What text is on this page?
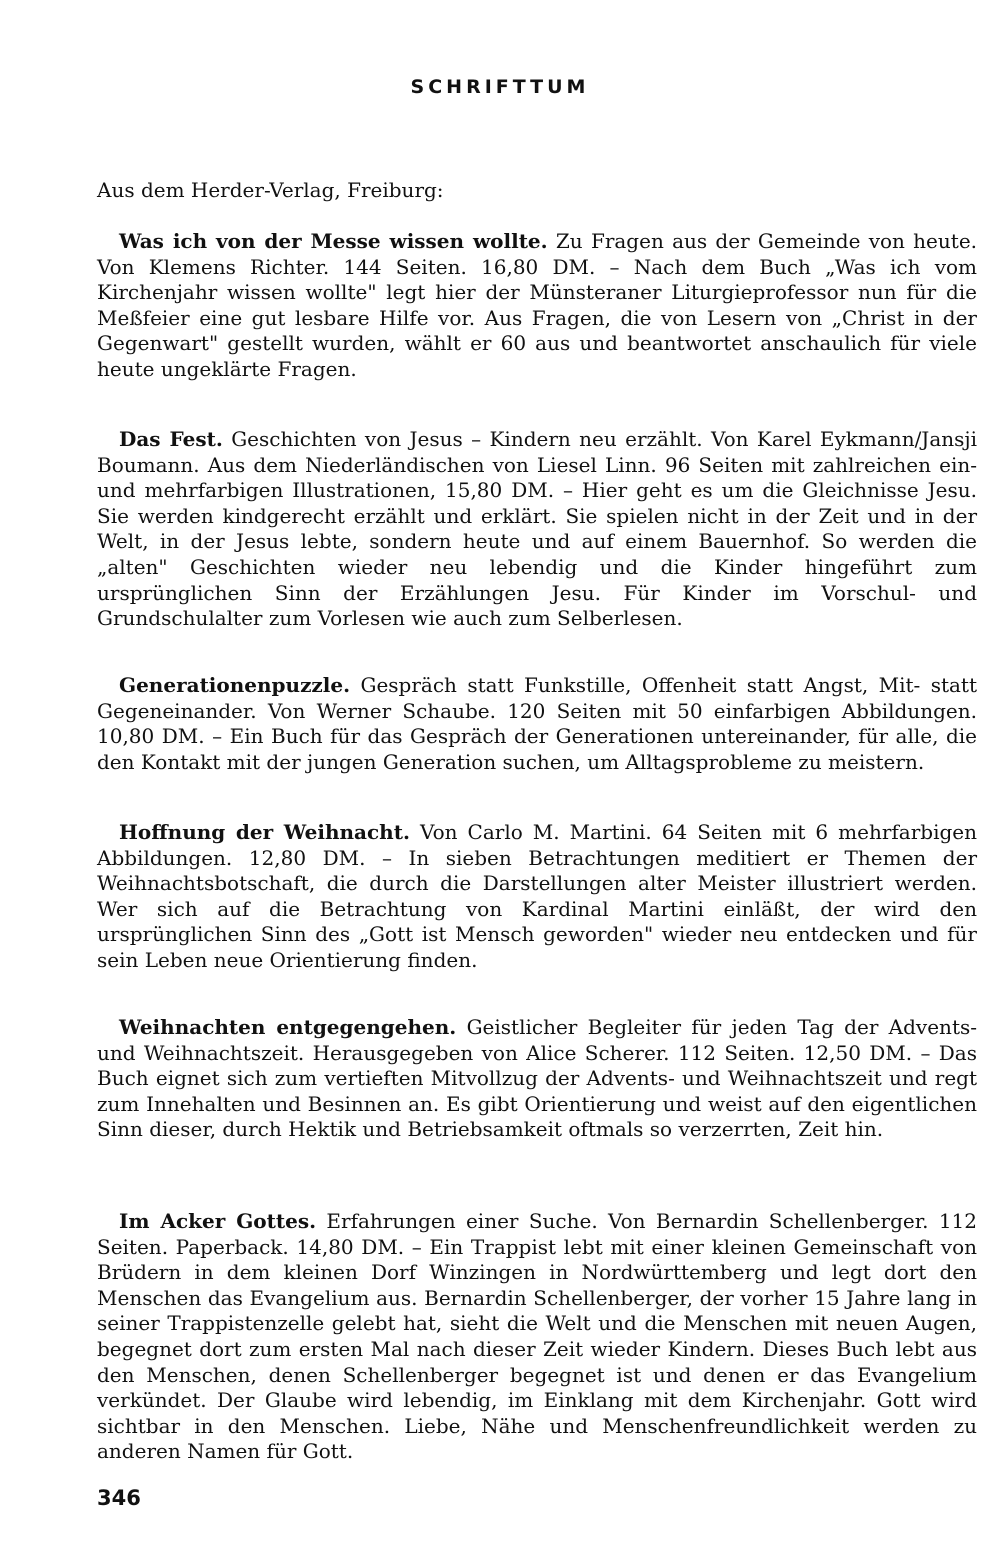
SCHRIFTTUM
Aus dem Herder-Verlag, Freiburg:

Was ich von der Messe wissen wollte. Zu Fragen aus der Gemeinde von heute. Von Klemens Richter. 144 Seiten. 16,80 DM. – Nach dem Buch „Was ich vom Kirchenjahr wissen wollte" legt hier der Münsteraner Liturgieprofessor nun für die Meßfeier eine gut lesbare Hilfe vor. Aus Fragen, die von Lesern von „Christ in der Gegenwart" gestellt wurden, wählt er 60 aus und beantwortet anschaulich für viele heute ungeklärte Fragen.

Das Fest. Geschichten von Jesus – Kindern neu erzählt. Von Karel Eykmann/Jansji Boumann. Aus dem Niederländischen von Liesel Linn. 96 Seiten mit zahlreichen ein- und mehrfarbigen Illustrationen, 15,80 DM. – Hier geht es um die Gleichnisse Jesu. Sie werden kindgerecht erzählt und erklärt. Sie spielen nicht in der Zeit und in der Welt, in der Jesus lebte, sondern heute und auf einem Bauernhof. So werden die „alten" Geschichten wieder neu lebendig und die Kinder hingeführt zum ursprünglichen Sinn der Erzählungen Jesu. Für Kinder im Vorschul- und Grundschulalter zum Vorlesen wie auch zum Selberlesen.

Generationenpuzzle. Gespräch statt Funkstille, Offenheit statt Angst, Mit- statt Gegeneinander. Von Werner Schaube. 120 Seiten mit 50 einfarbigen Abbildungen. 10,80 DM. – Ein Buch für das Gespräch der Generationen untereinander, für alle, die den Kontakt mit der jungen Generation suchen, um Alltagsprobleme zu meistern.

Hoffnung der Weihnacht. Von Carlo M. Martini. 64 Seiten mit 6 mehrfarbigen Abbildungen. 12,80 DM. – In sieben Betrachtungen meditiert er Themen der Weihnachtsbotschaft, die durch die Darstellungen alter Meister illustriert werden. Wer sich auf die Betrachtung von Kardinal Martini einläßt, der wird den ursprünglichen Sinn des „Gott ist Mensch geworden" wieder neu entdecken und für sein Leben neue Orientierung finden.

Weihnachten entgegengehen. Geistlicher Begleiter für jeden Tag der Advents- und Weihnachtszeit. Herausgegeben von Alice Scherer. 112 Seiten. 12,50 DM. – Das Buch eignet sich zum vertieften Mitvollzug der Advents- und Weihnachtszeit und regt zum Innehalten und Besinnen an. Es gibt Orientierung und weist auf den eigentlichen Sinn dieser, durch Hektik und Betriebsamkeit oftmals so verzerrten, Zeit hin.

Im Acker Gottes. Erfahrungen einer Suche. Von Bernardin Schellenberger. 112 Seiten. Paperback. 14,80 DM. – Ein Trappist lebt mit einer kleinen Gemeinschaft von Brüdern in dem kleinen Dorf Winzingen in Nordwürttemberg und legt dort den Menschen das Evangelium aus. Bernardin Schellenberger, der vorher 15 Jahre lang in seiner Trappistenzelle gelebt hat, sieht die Welt und die Menschen mit neuen Augen, begegnet dort zum ersten Mal nach dieser Zeit wieder Kindern. Dieses Buch lebt aus den Menschen, denen Schellenberger begegnet ist und denen er das Evangelium verkündet. Der Glaube wird lebendig, im Einklang mit dem Kirchenjahr. Gott wird sichtbar in den Menschen. Liebe, Nähe und Menschenfreundlichkeit werden zu anderen Namen für Gott.

346
